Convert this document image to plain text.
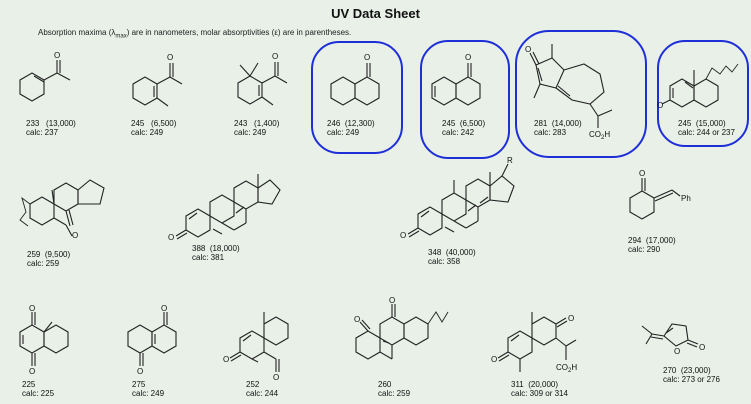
UV Data Sheet
Absorption maxima $(\lambda_{max})$ are in nanometers, molar absorptivities (ε) are in parentheses.
O
233 (13,000)
calc: 237
O
245 (6,500)
calc: 249
O
243 (1,400)
calc: 249
O
246 (12,300)
calc: 249
O
245 (6,500)
calc: 242
O
$CO_2H$
281 (14,000)
calc: 283
O
245 (15,000)
calc: 244 or 237
O
259 (9,500)
calc: 259
O
388 (18,000)
calc: 381
O
R
348 (40,000)
calc: 358
O
Ph
294 (17,000)
calc: 290
O
O
225
calc: 225
O
O
275
calc: 249
O
O
252
calc: 244
O
O
260
calc: 259
O
O
$CO_2H$
311 (20,000)
calc: 309 or 314
O O
270 (23,000)
calc: 273 or 276
